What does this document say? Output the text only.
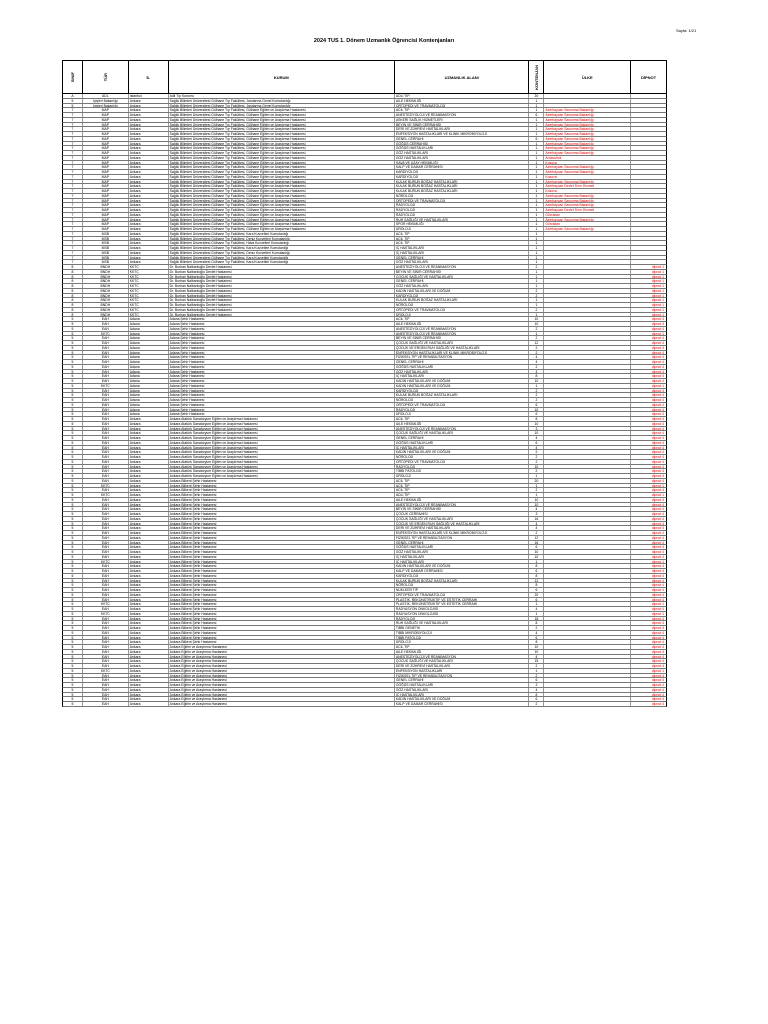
Sayfa: 1/21
2024 TUS 1. Dönem Uzmanlık Öğrencisi Kontenjanları
SINIF	TÜR	İL	KURUM	UZMANLIK ALANI	KONTENJAN	ÜLKE	DİPNOT
A	ADL	İstanbul	Adli Tıp Kurumu	ADLİ TIP	20
5	İçişleri Bakanlığı	Ankara	Sağlık Bilimleri Üniversitesi Gülhane Tıp Fakültesi, Jandarma Genel Komutanlığı	AİLE HEKİMLİĞİ	1
5	İçişleri Bakanlığı	Ankara	Sağlık Bilimleri Üniversitesi Gülhane Tıp Fakültesi, Jandarma Genel Komutanlığı	ORTOPEDİ VE TRAVMATOLOJİ	1
7	MAP	Ankara	Sağlık Bilimleri Üniversitesi Gülhane Tıp Fakültesi, Gülhane Eğitim ve Araştırma Hastanesi	ACİL TIP	1	Azerbaycan Savunma Bakanlığı
7	MAP	Ankara	Sağlık Bilimleri Üniversitesi Gülhane Tıp Fakültesi, Gülhane Eğitim ve Araştırma Hastanesi	ANESTEZİYOLOJİ VE REANİMASYON	6	Azerbaycan Savunma Bakanlığı
7	MAP	Ankara	Sağlık Bilimleri Üniversitesi Gülhane Tıp Fakültesi, Gülhane Eğitim ve Araştırma Hastanesi	ASKERİ SAĞLIK HİZMETLERİ	1	Azerbaycan Savunma Bakanlığı
7	MAP	Ankara	Sağlık Bilimleri Üniversitesi Gülhane Tıp Fakültesi, Gülhane Eğitim ve Araştırma Hastanesi	BEYİN VE SİNİR CERRAHİSİ	1	Azerbaycan Savunma Bakanlığı
7	MAP	Ankara	Sağlık Bilimleri Üniversitesi Gülhane Tıp Fakültesi, Gülhane Eğitim ve Araştırma Hastanesi	DERİ VE ZÜHREVİ HASTALIKLARI	1	Azerbaycan Savunma Bakanlığı
7	MAP	Ankara	Sağlık Bilimleri Üniversitesi Gülhane Tıp Fakültesi, Gülhane Eğitim ve Araştırma Hastanesi	ENFEKSİYON HASTALIKLARI VE KLİNİK MİKROBİYOLOJİ	1	Azerbaycan Savunma Bakanlığı
7	MAP	Ankara	Sağlık Bilimleri Üniversitesi Gülhane Tıp Fakültesi, Gülhane Eğitim ve Araştırma Hastanesi	GENEL CERRAHİ	5	Azerbaycan Savunma Bakanlığı
7	MAP	Ankara	Sağlık Bilimleri Üniversitesi Gülhane Tıp Fakültesi, Gülhane Eğitim ve Araştırma Hastanesi	GÖĞÜS CERRAHİSİ	1	Azerbaycan Savunma Bakanlığı
7	MAP	Ankara	Sağlık Bilimleri Üniversitesi Gülhane Tıp Fakültesi, Gülhane Eğitim ve Araştırma Hastanesi	GÖĞÜS HASTALIKLARI	1	Azerbaycan Savunma Bakanlığı
7	MAP	Ankara	Sağlık Bilimleri Üniversitesi Gülhane Tıp Fakültesi, Gülhane Eğitim ve Araştırma Hastanesi	GÖZ HASTALIKLARI	1	Azerbaycan Savunma Bakanlığı
7	MAP	Ankara	Sağlık Bilimleri Üniversitesi Gülhane Tıp Fakültesi, Gülhane Eğitim ve Araştırma Hastanesi	GÖZ HASTALIKLARI	1	Arnavutluk
7	MAP	Ankara	Sağlık Bilimleri Üniversitesi Gülhane Tıp Fakültesi, Gülhane Eğitim ve Araştırma Hastanesi	HAVA VE UZAY HEKİMLİĞİ	1	Kosova
7	MAP	Ankara	Sağlık Bilimleri Üniversitesi Gülhane Tıp Fakültesi, Gülhane Eğitim ve Araştırma Hastanesi	KALP VE DAMAR CERRAHİSİ	1	Azerbaycan Savunma Bakanlığı
7	MAP	Ankara	Sağlık Bilimleri Üniversitesi Gülhane Tıp Fakültesi, Gülhane Eğitim ve Araştırma Hastanesi	KARDİYOLOJİ	1	Azerbaycan Savunma Bakanlığı
7	MAP	Ankara	Sağlık Bilimleri Üniversitesi Gülhane Tıp Fakültesi, Gülhane Eğitim ve Araştırma Hastanesi	KARDİYOLOJİ	1	Kosova
7	MAP	Ankara	Sağlık Bilimleri Üniversitesi Gülhane Tıp Fakültesi, Gülhane Eğitim ve Araştırma Hastanesi	KULAK BURUN BOĞAZ HASTALIKLARI	1	Azerbaycan Savunma Bakanlığı
7	MAP	Ankara	Sağlık Bilimleri Üniversitesi Gülhane Tıp Fakültesi, Gülhane Eğitim ve Araştırma Hastanesi	KULAK BURUN BOĞAZ HASTALIKLARI	1	Azerbaycan Devlet Sınır Hizmeti
7	MAP	Ankara	Sağlık Bilimleri Üniversitesi Gülhane Tıp Fakültesi, Gülhane Eğitim ve Araştırma Hastanesi	KULAK BURUN BOĞAZ HASTALIKLARI	1	Kosova
7	MAP	Ankara	Sağlık Bilimleri Üniversitesi Gülhane Tıp Fakültesi, Gülhane Eğitim ve Araştırma Hastanesi	NÖROLOJİ	1	Azerbaycan Savunma Bakanlığı
7	MAP	Ankara	Sağlık Bilimleri Üniversitesi Gülhane Tıp Fakültesi, Gülhane Eğitim ve Araştırma Hastanesi	ORTOPEDİ VE TRAVMATOLOJİ	1	Azerbaycan Savunma Bakanlığı
7	MAP	Ankara	Sağlık Bilimleri Üniversitesi Gülhane Tıp Fakültesi, Gülhane Eğitim ve Araştırma Hastanesi	RADYOLOJİ	1	Azerbaycan Savunma Bakanlığı
7	MAP	Ankara	Sağlık Bilimleri Üniversitesi Gülhane Tıp Fakültesi, Gülhane Eğitim ve Araştırma Hastanesi	RADYOLOJİ	1	Azerbaycan Devlet Sınır Hizmeti
7	MAP	Ankara	Sağlık Bilimleri Üniversitesi Gülhane Tıp Fakültesi, Gülhane Eğitim ve Araştırma Hastanesi	RADYOLOJİ	1	Gürcistan
7	MAP	Ankara	Sağlık Bilimleri Üniversitesi Gülhane Tıp Fakültesi, Gülhane Eğitim ve Araştırma Hastanesi	RUH SAĞLIĞI VE HASTALIKLARI	1	Azerbaycan Savunma Bakanlığı
7	MAP	Ankara	Sağlık Bilimleri Üniversitesi Gülhane Tıp Fakültesi, Gülhane Eğitim ve Araştırma Hastanesi	SPOR HEKİMLİĞİ	1	Gürcistan
7	MAP	Ankara	Sağlık Bilimleri Üniversitesi Gülhane Tıp Fakültesi, Gülhane Eğitim ve Araştırma Hastanesi	ÜROLOJİ	1	Azerbaycan Savunma Bakanlığı
7	MSB	Ankara	Sağlık Bilimleri Üniversitesi Gülhane Tıp Fakültesi, Kara Kuvvetleri Komutanlığı	ACİL TIP	1
7	MSB	Ankara	Sağlık Bilimleri Üniversitesi Gülhane Tıp Fakültesi, Deniz Kuvvetleri Komutanlığı	ACİL TIP	1
7	MSB	Ankara	Sağlık Bilimleri Üniversitesi Gülhane Tıp Fakültesi, Hava Kuvvetleri Komutanlığı	ACİL TIP	1
7	MSB	Ankara	Sağlık Bilimleri Üniversitesi Gülhane Tıp Fakültesi, Kara Kuvvetleri Komutanlığı	İÇ HASTALIKLARI	1
7	MSB	Ankara	Sağlık Bilimleri Üniversitesi Gülhane Tıp Fakültesi, Deniz Kuvvetleri Komutanlığı	İÇ HASTALIKLARI	1
7	MSB	Ankara	Sağlık Bilimleri Üniversitesi Gülhane Tıp Fakültesi, Kara Kuvvetleri Komutanlığı	GENEL CERRAHİ	1
7	MSB	Ankara	Sağlık Bilimleri Üniversitesi Gülhane Tıp Fakültesi, Kara Kuvvetleri Komutanlığı	GÖZ HASTALIKLARI	1
8	BNDH	KKTC	Dr. Burhan Nalbantoğlu Devlet Hastanesi	ANESTEZİYOLOJİ VE REANİMASYON	2	dipnot 1
8	BNDH	KKTC	Dr. Burhan Nalbantoğlu Devlet Hastanesi	BEYİN VE SİNİR CERRAHİSİ	1	dipnot 1
8	BNDH	KKTC	Dr. Burhan Nalbantoğlu Devlet Hastanesi	ÇOCUK SAĞLIĞI VE HASTALIKLARI	1	dipnot 1
8	BNDH	KKTC	Dr. Burhan Nalbantoğlu Devlet Hastanesi	GENEL CERRAHİ	1	dipnot 1
8	BNDH	KKTC	Dr. Burhan Nalbantoğlu Devlet Hastanesi	GÖZ HASTALIKLARI	1	dipnot 1
8	BNDH	KKTC	Dr. Burhan Nalbantoğlu Devlet Hastanesi	KADIN HASTALIKLARI VE DOĞUM	2	dipnot 1
8	BNDH	KKTC	Dr. Burhan Nalbantoğlu Devlet Hastanesi	KARDİYOLOJİ	2	dipnot 1
8	BNDH	KKTC	Dr. Burhan Nalbantoğlu Devlet Hastanesi	KULAK BURUN BOĞAZ HASTALIKLARI	1	dipnot 1
8	BNDH	KKTC	Dr. Burhan Nalbantoğlu Devlet Hastanesi	NÖROLOJİ	1	dipnot 1
8	BNDH	KKTC	Dr. Burhan Nalbantoğlu Devlet Hastanesi	ORTOPEDİ VE TRAVMATOLOJİ	2	dipnot 1
8	BNDH	KKTC	Dr. Burhan Nalbantoğlu Devlet Hastanesi	ÜROLOJİ	1	dipnot 1
5	EAH	Adana	Adana Şehir Hastanesi	ACİL TIP	10	dipnot 4
5	EAH	Adana	Adana Şehir Hastanesi	AİLE HEKİMLİĞİ	10	dipnot 4
5	EAH	Adana	Adana Şehir Hastanesi	ANESTEZİYOLOJİ VE REANİMASYON	2	dipnot 4
5	KKTC	Adana	Adana Şehir Hastanesi	ANESTEZİYOLOJİ VE REANİMASYON	1	dipnot 1
5	EAH	Adana	Adana Şehir Hastanesi	BEYİN VE SİNİR CERRAHİSİ	2	dipnot 4
5	EAH	Adana	Adana Şehir Hastanesi	ÇOCUK SAĞLIĞI VE HASTALIKLARI	12	dipnot 4
5	EAH	Adana	Adana Şehir Hastanesi	ÇOCUK VE ERGEN RUH SAĞLIĞI VE HASTALIKLARI	2	dipnot 4
5	EAH	Adana	Adana Şehir Hastanesi	ENFEKSİYON HASTALIKLARI VE KLİNİK MİKROBİYOLOJİ	2	dipnot 4
5	EAH	Adana	Adana Şehir Hastanesi	FİZİKSEL TIP VE REHABİLİTASYON	4	dipnot 4
5	EAH	Adana	Adana Şehir Hastanesi	GENEL CERRAHİ	4	dipnot 4
5	EAH	Adana	Adana Şehir Hastanesi	GÖĞÜS HASTALIKLARI	2	dipnot 4
5	EAH	Adana	Adana Şehir Hastanesi	GÖZ HASTALIKLARI	4	dipnot 4
5	EAH	Adana	Adana Şehir Hastanesi	İÇ HASTALIKLARI	8	dipnot 4
5	EAH	Adana	Adana Şehir Hastanesi	KADIN HASTALIKLARI VE DOĞUM	10	dipnot 4
5	KKTC	Adana	Adana Şehir Hastanesi	KADIN HASTALIKLARI VE DOĞUM	1	dipnot 1
5	EAH	Adana	Adana Şehir Hastanesi	KARDİYOLOJİ	2	dipnot 4
5	EAH	Adana	Adana Şehir Hastanesi	KULAK BURUN BOĞAZ HASTALIKLARI	2	dipnot 4
5	EAH	Adana	Adana Şehir Hastanesi	NÖROLOJİ	2	dipnot 4
5	EAH	Adana	Adana Şehir Hastanesi	ORTOPEDİ VE TRAVMATOLOJİ	6	dipnot 4
5	EAH	Adana	Adana Şehir Hastanesi	RADYOLOJİ	10	dipnot 4
5	EAH	Adana	Adana Şehir Hastanesi	ÜROLOJİ	6	dipnot 4
5	EAH	Ankara	Ankara Atatürk Sanatoryum Eğitim ve Araştırma Hastanesi	ACİL TIP	8	dipnot 4
5	EAH	Ankara	Ankara Atatürk Sanatoryum Eğitim ve Araştırma Hastanesi	AİLE HEKİMLİĞİ	10	dipnot 4
5	EAH	Ankara	Ankara Atatürk Sanatoryum Eğitim ve Araştırma Hastanesi	ANESTEZİYOLOJİ VE REANİMASYON	3	dipnot 4
5	EAH	Ankara	Ankara Atatürk Sanatoryum Eğitim ve Araştırma Hastanesi	ÇOCUK SAĞLIĞI VE HASTALIKLARI	10	dipnot 4
5	EAH	Ankara	Ankara Atatürk Sanatoryum Eğitim ve Araştırma Hastanesi	GENEL CERRAHİ	4	dipnot 4
5	EAH	Ankara	Ankara Atatürk Sanatoryum Eğitim ve Araştırma Hastanesi	GÖĞÜS HASTALIKLARI	6	dipnot 4
5	EAH	Ankara	Ankara Atatürk Sanatoryum Eğitim ve Araştırma Hastanesi	İÇ HASTALIKLARI	4	dipnot 4
5	EAH	Ankara	Ankara Atatürk Sanatoryum Eğitim ve Araştırma Hastanesi	KADIN HASTALIKLARI VE DOĞUM	2	dipnot 4
5	EAH	Ankara	Ankara Atatürk Sanatoryum Eğitim ve Araştırma Hastanesi	NÖROLOJİ	2	dipnot 4
5	EAH	Ankara	Ankara Atatürk Sanatoryum Eğitim ve Araştırma Hastanesi	ORTOPEDİ VE TRAVMATOLOJİ	2	dipnot 4
5	EAH	Ankara	Ankara Atatürk Sanatoryum Eğitim ve Araştırma Hastanesi	RADYOLOJİ	10	dipnot 4
5	EAH	Ankara	Ankara Atatürk Sanatoryum Eğitim ve Araştırma Hastanesi	TIBBİ PATOLOJİ	2	dipnot 4
5	EAH	Ankara	Ankara Atatürk Sanatoryum Eğitim ve Araştırma Hastanesi	ÜROLOJİ	1	dipnot 4
5	EAH	Ankara	Ankara Bilkent Şehir Hastanesi	ACİL TIP	20	dipnot 4
5	KKTC	Ankara	Ankara Bilkent Şehir Hastanesi	ACİL TIP	1	dipnot 1
5	EAH	Ankara	Ankara Bilkent Şehir Hastanesi	ACİL TIP	2	dipnot 4
5	KKTC	Ankara	Ankara Bilkent Şehir Hastanesi	ADLİ TIP	1	dipnot 1
5	EAH	Ankara	Ankara Bilkent Şehir Hastanesi	AİLE HEKİMLİĞİ	10	dipnot 4
5	EAH	Ankara	Ankara Bilkent Şehir Hastanesi	ANESTEZİYOLOJİ VE REANİMASYON	10	dipnot 4
5	EAH	Ankara	Ankara Bilkent Şehir Hastanesi	BEYİN VE SİNİR CERRAHİSİ	4	dipnot 4
5	EAH	Ankara	Ankara Bilkent Şehir Hastanesi	ÇOCUK CERRAHİSİ	3	dipnot 4
5	EAH	Ankara	Ankara Bilkent Şehir Hastanesi	ÇOCUK SAĞLIĞI VE HASTALIKLARI	16	dipnot 4
5	EAH	Ankara	Ankara Bilkent Şehir Hastanesi	ÇOCUK VE ERGEN RUH SAĞLIĞI VE HASTALIKLARI	4	dipnot 4
5	EAH	Ankara	Ankara Bilkent Şehir Hastanesi	DERİ VE ZÜHREVİ HASTALIKLARI	4	dipnot 4
5	EAH	Ankara	Ankara Bilkent Şehir Hastanesi	ENFEKSİYON HASTALIKLARI VE KLİNİK MİKROBİYOLOJİ	2	dipnot 4
5	EAH	Ankara	Ankara Bilkent Şehir Hastanesi	FİZİKSEL TIP VE REHABİLİTASYON	12	dipnot 4
5	EAH	Ankara	Ankara Bilkent Şehir Hastanesi	GENEL CERRAHİ	16	dipnot 4
5	EAH	Ankara	Ankara Bilkent Şehir Hastanesi	GÖĞÜS HASTALIKLARI	6	dipnot 4
5	EAH	Ankara	Ankara Bilkent Şehir Hastanesi	GÖZ HASTALIKLARI	10	dipnot 4
5	EAH	Ankara	Ankara Bilkent Şehir Hastanesi	İÇ HASTALIKLARI	10	dipnot 4
5	KKTC	Ankara	Ankara Bilkent Şehir Hastanesi	İÇ HASTALIKLARI	1	dipnot 1
5	EAH	Ankara	Ankara Bilkent Şehir Hastanesi	KADIN HASTALIKLARI VE DOĞUM	8	dipnot 4
5	EAH	Ankara	Ankara Bilkent Şehir Hastanesi	KALP VE DAMAR CERRAHİSİ	6	dipnot 4
5	EAH	Ankara	Ankara Bilkent Şehir Hastanesi	KARDİYOLOJİ	8	dipnot 4
5	EAH	Ankara	Ankara Bilkent Şehir Hastanesi	KULAK BURUN BOĞAZ HASTALIKLARI	12	dipnot 4
5	EAH	Ankara	Ankara Bilkent Şehir Hastanesi	NÖROLOJİ	8	dipnot 4
5	EAH	Ankara	Ankara Bilkent Şehir Hastanesi	NÜKLEER TIP	6	dipnot 4
5	EAH	Ankara	Ankara Bilkent Şehir Hastanesi	ORTOPEDİ VE TRAVMATOLOJİ	20	dipnot 4
5	EAH	Ankara	Ankara Bilkent Şehir Hastanesi	PLASTİK, REKONSTRÜKTİF VE ESTETİK CERRAHİ	6	dipnot 4
5	KKTC	Ankara	Ankara Bilkent Şehir Hastanesi	PLASTİK, REKONSTRÜKTİF VE ESTETİK CERRAHİ	1	dipnot 1
5	EAH	Ankara	Ankara Bilkent Şehir Hastanesi	RADYASYON ONKOLOJİSİ	4	dipnot 4
5	KKTC	Ankara	Ankara Bilkent Şehir Hastanesi	RADYASYON ONKOLOJİSİ	1	dipnot 1
5	EAH	Ankara	Ankara Bilkent Şehir Hastanesi	RADYOLOJİ	18	dipnot 4
5	EAH	Ankara	Ankara Bilkent Şehir Hastanesi	RUH SAĞLIĞI VE HASTALIKLARI	8	dipnot 4
5	EAH	Ankara	Ankara Bilkent Şehir Hastanesi	TIBBİ GENETİK	2	dipnot 4
5	EAH	Ankara	Ankara Bilkent Şehir Hastanesi	TIBBİ MİKROBİYOLOJİ	4	dipnot 4
5	EAH	Ankara	Ankara Bilkent Şehir Hastanesi	TIBBİ PATOLOJİ	6	dipnot 4
5	EAH	Ankara	Ankara Bilkent Şehir Hastanesi	ÜROLOJİ	8	dipnot 4
5	EAH	Ankara	Ankara Eğitim ve Araştırma Hastanesi	ACİL TIP	10	dipnot 4
5	EAH	Ankara	Ankara Eğitim ve Araştırma Hastanesi	AİLE HEKİMLİĞİ	10	dipnot 4
5	EAH	Ankara	Ankara Eğitim ve Araştırma Hastanesi	ANESTEZİYOLOJİ VE REANİMASYON	4	dipnot 4
5	EAH	Ankara	Ankara Eğitim ve Araştırma Hastanesi	ÇOCUK SAĞLIĞI VE HASTALIKLARI	15	dipnot 4
5	EAH	Ankara	Ankara Eğitim ve Araştırma Hastanesi	DERİ VE ZÜHREVİ HASTALIKLARI	2	dipnot 4
5	KKTC	Ankara	Ankara Eğitim ve Araştırma Hastanesi	ENFEKSİYON HASTALIKLARI	1	dipnot 1
5	EAH	Ankara	Ankara Eğitim ve Araştırma Hastanesi	FİZİKSEL TIP VE REHABİLİTASYON	2	dipnot 4
5	EAH	Ankara	Ankara Eğitim ve Araştırma Hastanesi	GENEL CERRAHİ	6	dipnot 4
5	EAH	Ankara	Ankara Eğitim ve Araştırma Hastanesi	GÖĞÜS HASTALIKLARI	3	dipnot 4
5	EAH	Ankara	Ankara Eğitim ve Araştırma Hastanesi	GÖZ HASTALIKLARI	4	dipnot 4
5	EAH	Ankara	Ankara Eğitim ve Araştırma Hastanesi	İÇ HASTALIKLARI	8	dipnot 4
5	EAH	Ankara	Ankara Eğitim ve Araştırma Hastanesi	KADIN HASTALIKLARI VE DOĞUM	6	dipnot 4
5	EAH	Ankara	Ankara Eğitim ve Araştırma Hastanesi	KALP VE DAMAR CERRAHİSİ	2	dipnot 4
